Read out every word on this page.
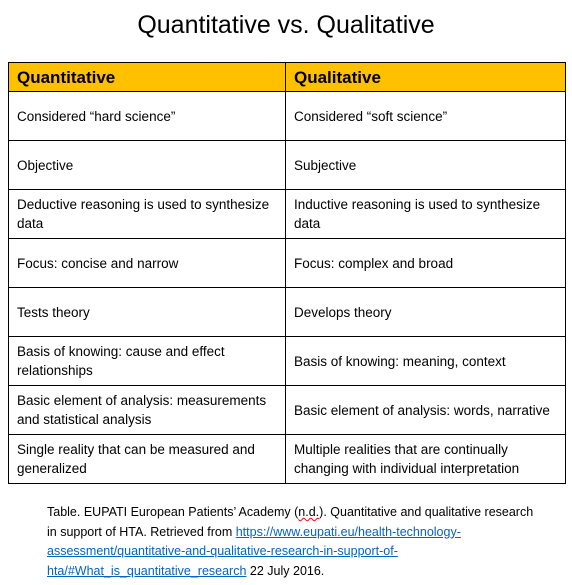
Quantitative vs. Qualitative
Quantitative	Qualitative
Considered “hard science”	Considered “soft science”
Objective	Subjective
Deductive reasoning is used to synthesize data	Inductive reasoning is used to synthesize data
Focus: concise and narrow	Focus: complex and broad
Tests theory	Develops theory
Basis of knowing: cause and effect relationships	Basis of knowing: meaning, context
Basic element of analysis: measurements and statistical analysis	Basic element of analysis: words, narrative
Single reality that can be measured and generalized	Multiple realities that are continually changing with individual interpretation
Table. EUPATI European Patients’ Academy (n.d.). Quantitative and qualitative research in support of HTA. Retrieved from https://www.eupati.eu/health-technology-assessment/quantitative-and-qualitative-research-in-support-of-hta/#What_is_quantitative_research 22 July 2016.
